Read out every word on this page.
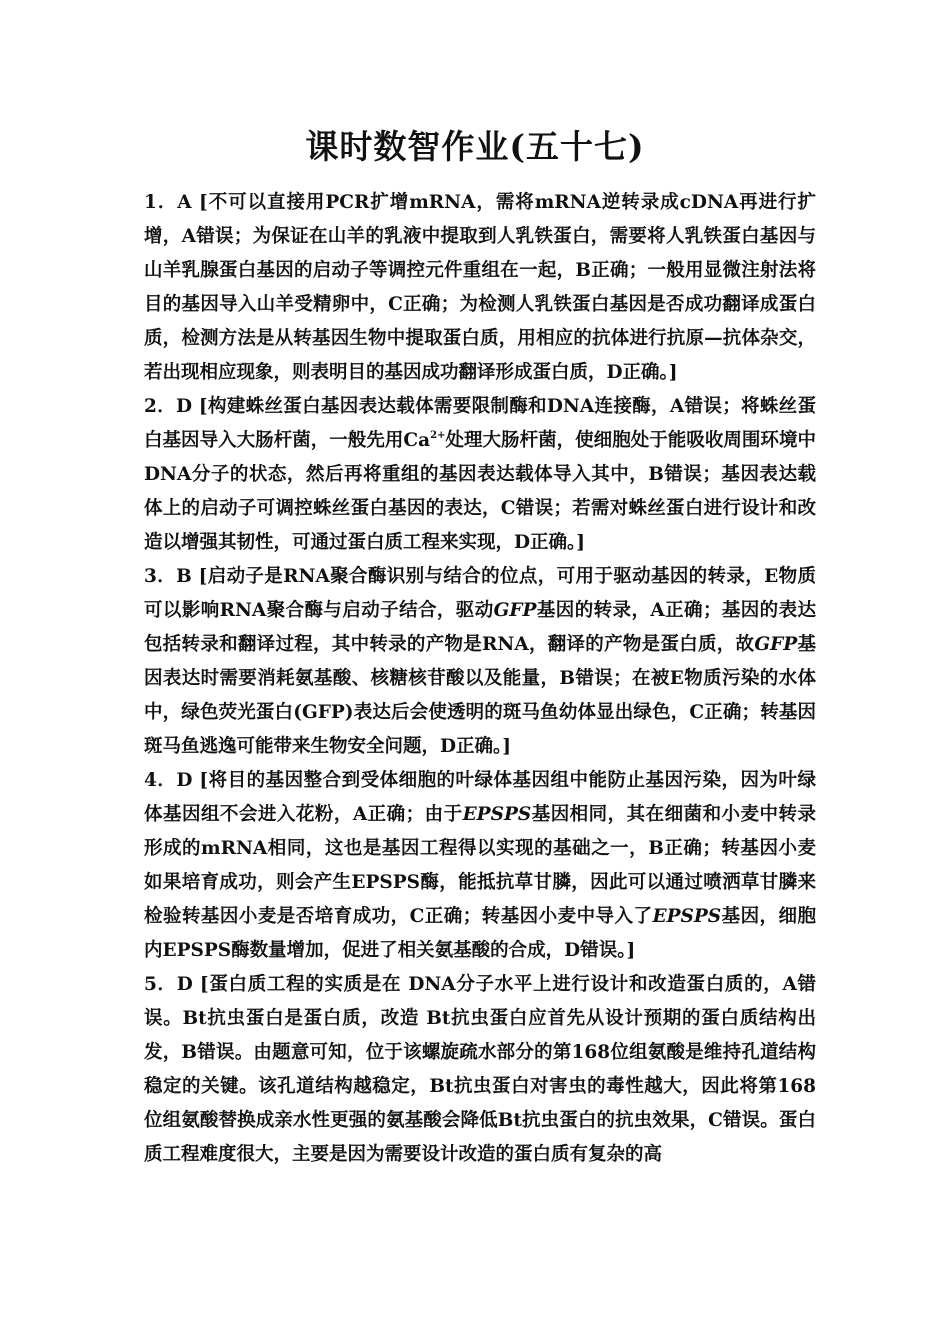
课时数智作业(五十七)

1．A [不可以直接用PCR扩增mRNA，需将mRNA逆转录成cDNA再进行扩增，A错误；为保证在山羊的乳液中提取到人乳铁蛋白，需要将人乳铁蛋白基因与山羊乳腺蛋白基因的启动子等调控元件重组在一起，B正确；一般用显微注射法将目的基因导入山羊受精卵中，C正确；为检测人乳铁蛋白基因是否成功翻译成蛋白质，检测方法是从转基因生物中提取蛋白质，用相应的抗体进行抗原—抗体杂交，若出现相应现象，则表明目的基因成功翻译形成蛋白质，D正确。]

2．D [构建蛛丝蛋白基因表达载体需要限制酶和DNA连接酶，A错误；将蛛丝蛋白基因导入大肠杆菌，一般先用$Ca^{2+}$处理大肠杆菌，使细胞处于能吸收周围环境中DNA分子的状态，然后再将重组的基因表达载体导入其中，B错误；基因表达载体上的启动子可调控蛛丝蛋白基因的表达，C错误；若需对蛛丝蛋白进行设计和改造以增强其韧性，可通过蛋白质工程来实现，D正确。]

3．B [启动子是RNA聚合酶识别与结合的位点，可用于驱动基因的转录，E物质可以影响RNA聚合酶与启动子结合，驱动GFP基因的转录，A正确；基因的表达包括转录和翻译过程，其中转录的产物是RNA，翻译的产物是蛋白质，故GFP基因表达时需要消耗氨基酸、核糖核苷酸以及能量，B错误；在被E物质污染的水体中，绿色荧光蛋白(GFP)表达后会使透明的斑马鱼幼体显出绿色，C正确；转基因斑马鱼逃逸可能带来生物安全问题，D正确。]

4．D [将目的基因整合到受体细胞的叶绿体基因组中能防止基因污染，因为叶绿体基因组不会进入花粉，A正确；由于EPSPS基因相同，其在细菌和小麦中转录形成的mRNA相同，这也是基因工程得以实现的基础之一，B正确；转基因小麦如果培育成功，则会产生EPSPS酶，能抵抗草甘膦，因此可以通过喷洒草甘膦来检验转基因小麦是否培育成功，C正确；转基因小麦中导入了EPSPS基因，细胞内EPSPS酶数量增加，促进了相关氨基酸的合成，D错误。]

5．D [蛋白质工程的实质是在 DNA分子水平上进行设计和改造蛋白质的，A错误。Bt抗虫蛋白是蛋白质，改造 Bt抗虫蛋白应首先从设计预期的蛋白质结构出发，B错误。由题意可知，位于该螺旋疏水部分的第168位组氨酸是维持孔道结构稳定的关键。该孔道结构越稳定，Bt抗虫蛋白对害虫的毒性越大，因此将第168位组氨酸替换成亲水性更强的氨基酸会降低Bt抗虫蛋白的抗虫效果，C错误。蛋白质工程难度很大，主要是因为需要设计改造的蛋白质有复杂的高
